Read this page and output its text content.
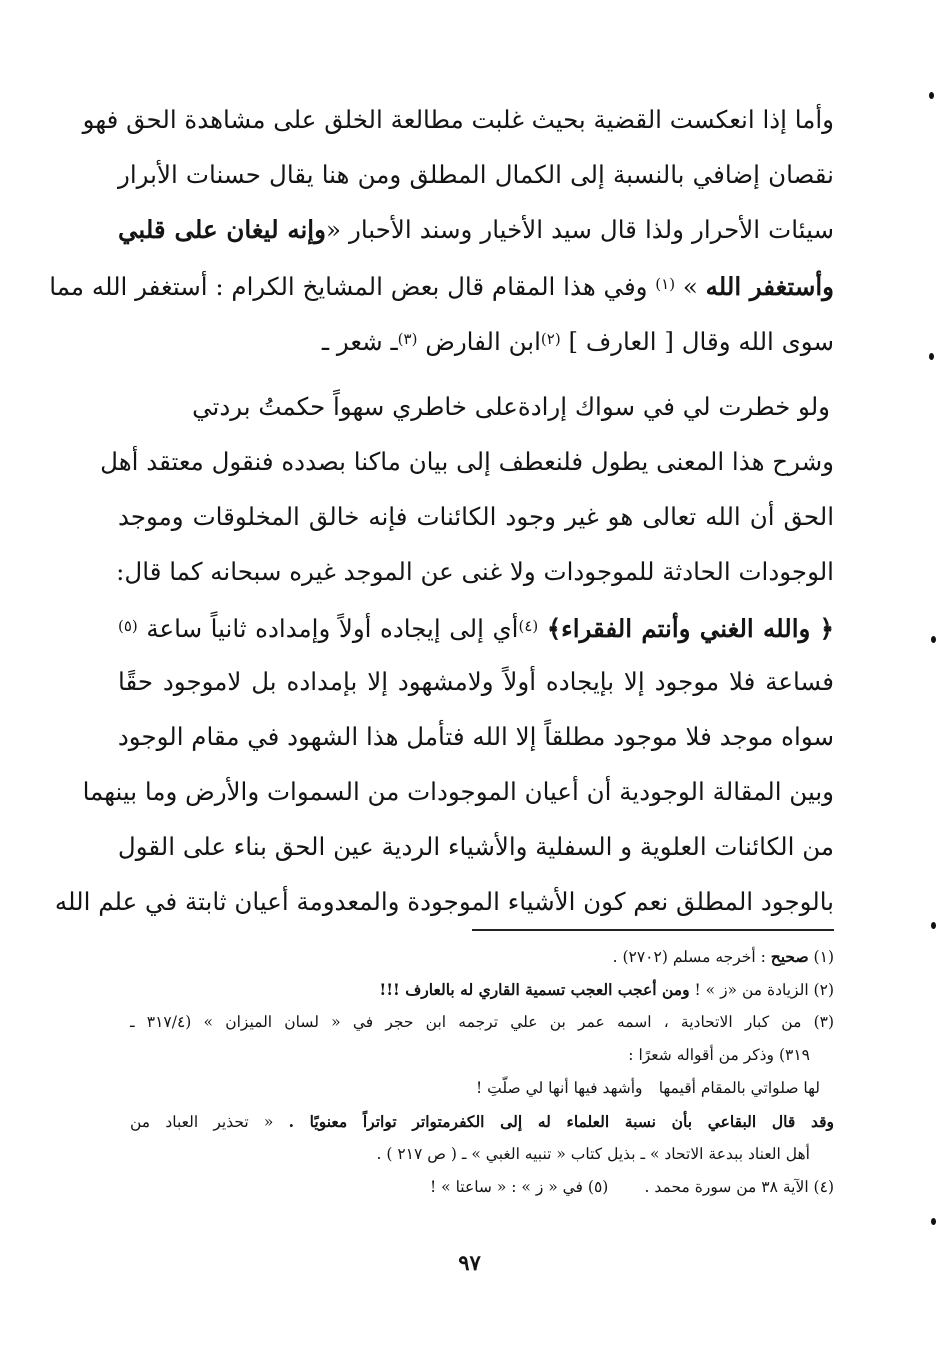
وأما إذا انعكست القضية بحيث غلبت مطالعة الخلق على مشاهدة الحق فهو
نقصان إضافي بالنسبة إلى الكمال المطلق ومن هنا يقال حسنات الأبرار
سيئات الأحرار ولذا قال سيد الأخيار وسند الأحبار «وإنه ليغان على قلبي
وأستغفر الله » $^{(١)}$ وفي هذا المقام قال بعض المشايخ الكرام : أستغفر الله مما
سوى الله وقال [ العارف ] $^{(٢)}$ابن الفارض $^{(٣)}$ـ شعر ـ
ولو خطرت لي في سواك إرادة
على خاطري سهواً حكمتُ بردتي
وشرح هذا المعنى يطول فلنعطف إلى بيان ماكنا بصدده فنقول معتقد أهل
الحق أن الله تعالى هو غير وجود الكائنات فإنه خالق المخلوقات وموجد
الوجودات الحادثة للموجودات ولا غنى عن الموجد غيره سبحانه كما قال:
﴿ والله الغني وأنتم الفقراء﴾ $^{(٤)}$أي إلى إيجاده أولاً وإمداده ثانياً ساعة $^{(٥)}$
فساعة فلا موجود إلا بإيجاده أولاً ولامشهود إلا بإمداده بل لاموجود حقًا
سواه موجد فلا موجود مطلقاً إلا الله فتأمل هذا الشهود في مقام الوجود
وبين المقالة الوجودية أن أعيان الموجودات من السموات والأرض وما بينهما
من الكائنات العلوية و السفلية والأشياء الردية عين الحق بناء على القول
بالوجود المطلق نعم كون الأشياء الموجودة والمعدومة أعيان ثابتة في علم الله
(١) صحيح : أخرجه مسلم (٢٧٠٢) .
(٢) الزيادة من «ز » ! ومن أعجب العجب تسمية القاري له بالعارف !!!
(٣) من كبار الاتحادية ، اسمه عمر بن علي ترجمه ابن حجر في « لسان الميزان » (٣١٧/٤ ـ
٣١٩) وذكر من أقواله شعرًا :
لها صلواتي بالمقام أقيمها
وأشهد فيها أنها لي صلّتِ !
وقد قال البقاعي بأن نسبة العلماء له إلى الكفرمتواتر تواتراً معنويًا . « تحذير العباد من
أهل العناد ببدعة الاتحاد » ـ بذيل كتاب « تنبيه الغبي » ـ ( ص ٢١٧ ) .
(٤) الآية ٣٨ من سورة محمد .
(٥) في « ز » : « ساعتا » !
٩٧
